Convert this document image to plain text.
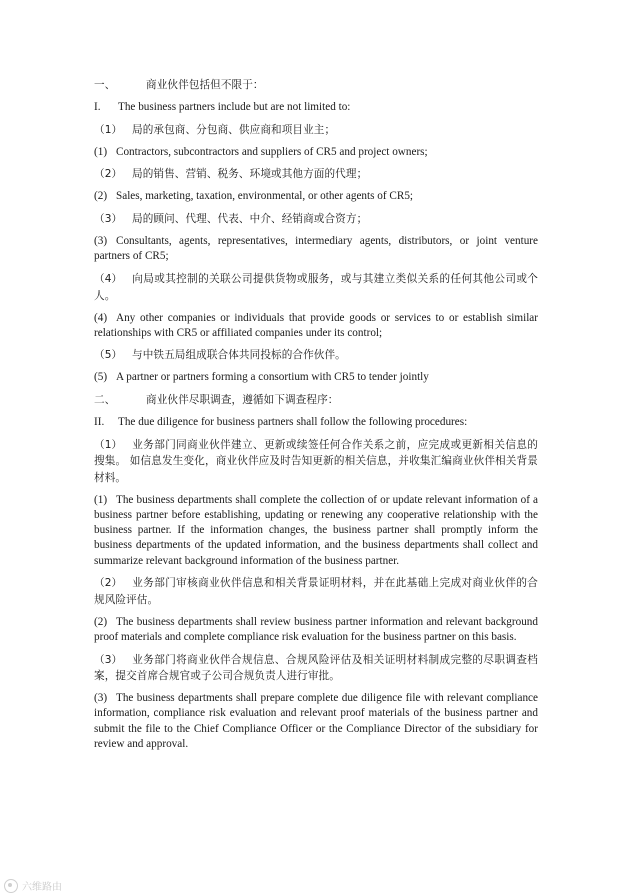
一、	商业伙伴包括但不限于：

I. The business partners include but are not limited to:

（1） 局的承包商、分包商、供应商和项目业主；

(1) Contractors, subcontractors and suppliers of CR5 and project owners;

（2） 局的销售、营销、税务、环境或其他方面的代理；

(2) Sales, marketing, taxation, environmental, or other agents of CR5;

（3） 局的顾问、代理、代表、中介、经销商或合资方；

(3) Consultants, agents, representatives, intermediary agents, distributors, or joint venture partners of CR5;

（4） 向局或其控制的关联公司提供货物或服务，或与其建立类似关系的任何其他公司或个人。

(4) Any other companies or individuals that provide goods or services to or establish similar relationships with CR5 or affiliated companies under its control;

（5） 与中铁五局组成联合体共同投标的合作伙伴。

(5) A partner or partners forming a consortium with CR5 to tender jointly

二、	商业伙伴尽职调查，遵循如下调查程序：

II. The due diligence for business partners shall follow the following procedures:

（1） 业务部门同商业伙伴建立、更新或续签任何合作关系之前，应完成或更新相关信息的搜集。 如信息发生变化，商业伙伴应及时告知更新的相关信息，并收集汇编商业伙伴相关背景材料。

(1) The business departments shall complete the collection of or update relevant information of a business partner before establishing, updating or renewing any cooperative relationship with the business partner. If the information changes, the business partner shall promptly inform the business departments of the updated information, and the business departments shall collect and summarize relevant background information of the business partner.

（2） 业务部门审核商业伙伴信息和相关背景证明材料，并在此基础上完成对商业伙伴的合规风险评估。

(2) The business departments shall review business partner information and relevant background proof materials and complete compliance risk evaluation for the business partner on this basis.

（3） 业务部门将商业伙伴合规信息、合规风险评估及相关证明材料制成完整的尽职调查档案，提交首席合规官或子公司合规负责人进行审批。

(3) The business departments shall prepare complete due diligence file with relevant compliance information, compliance risk evaluation and relevant proof materials of the business partner and submit the file to the Chief Compliance Officer or the Compliance Director of the subsidiary for review and approval.

六维路由
